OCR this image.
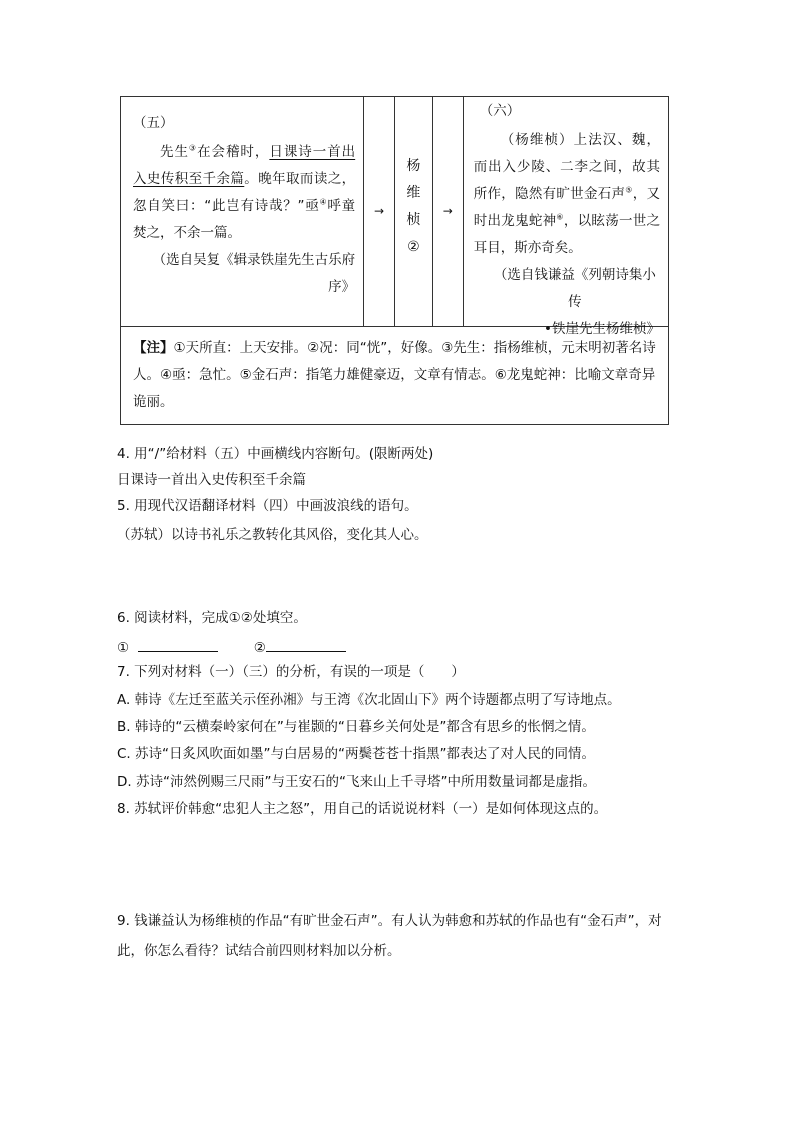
（五）

先生③在会稽时，日课诗一首出入史传积至千余篇。晚年取而读之，忽自笑曰：“此岂有诗哉？”亟④呼童焚之，不余一篇。

（选自吴复《辑录铁崖先生古乐府序》

→
杨
维
桢
②
→

（六）

（杨维桢）上法汉、魏，而出入少陵、二李之间，故其所作，隐然有旷世金石声⑤，又时出龙鬼蛇神⑥，以眩荡一世之耳目，斯亦奇矣。

（选自钱谦益《列朝诗集小传

•铁崖先生杨维桢》

【注】①天所直：上天安排。②况：同“恍”，好像。③先生：指杨维桢，元末明初著名诗人。④亟：急忙。⑤金石声：指笔力雄健豪迈，文章有情志。⑥龙鬼蛇神：比喻文章奇异诡丽。

4. 用“/”给材料（五）中画横线内容断句。(限断两处)

日课诗一首出入史传积至千余篇

5. 用现代汉语翻译材料（四）中画波浪线的语句。

（苏轼）以诗书礼乐之教转化其风俗，变化其人心。

6. 阅读材料，完成①②处填空。

①	②

7. 下列对材料（一）（三）的分析，有误的一项是（　　）

A. 韩诗《左迁至蓝关示侄孙湘》与王湾《次北固山下》两个诗题都点明了写诗地点。

B. 韩诗的“云横秦岭家何在”与崔颢的“日暮乡关何处是”都含有思乡的怅惘之情。

C. 苏诗“日炙风吹面如墨”与白居易的“两鬓苍苍十指黑”都表达了对人民的同情。

D. 苏诗“沛然例赐三尺雨”与王安石的“飞来山上千寻塔”中所用数量词都是虚指。

8. 苏轼评价韩愈“忠犯人主之怒”，用自己的话说说材料（一）是如何体现这点的。

9. 钱谦益认为杨维桢的作品“有旷世金石声”。有人认为韩愈和苏轼的作品也有“金石声”，对此，你怎么看待？试结合前四则材料加以分析。
